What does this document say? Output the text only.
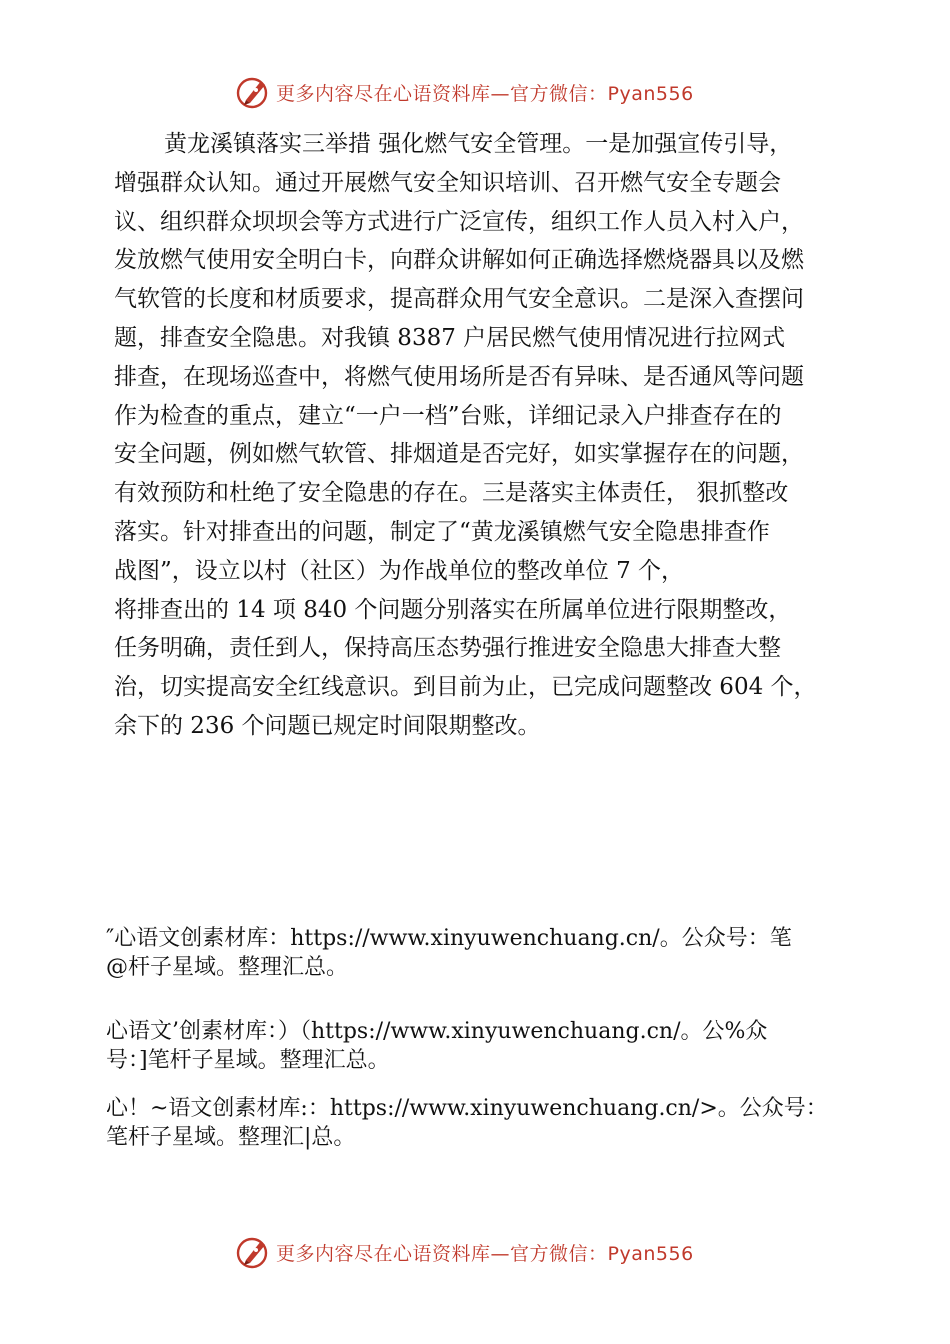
更多内容尽在心语资料库—官方微信：Pyan556
黄龙溪镇落实三举措 强化燃气安全管理。一是加强宣传引导，
增强群众认知。通过开展燃气安全知识培训、召开燃气安全专题会
议、组织群众坝坝会等方式进行广泛宣传，组织工作人员入村入户，
发放燃气使用安全明白卡，向群众讲解如何正确选择燃烧器具以及燃
气软管的长度和材质要求，提高群众用气安全意识。二是深入查摆问
题，排查安全隐患。对我镇 8387 户居民燃气使用情况进行拉网式
排查，在现场巡查中，将燃气使用场所是否有异味、是否通风等问题
作为检查的重点，建立“一户一档”台账，详细记录入户排查存在的
安全问题，例如燃气软管、排烟道是否完好，如实掌握存在的问题，
有效预防和杜绝了安全隐患的存在。三是落实主体责任， 狠抓整改
落实。针对排查出的问题，制定了“黄龙溪镇燃气安全隐患排查作
战图”，设立以村（社区）为作战单位的整改单位 7 个，
将排查出的 14 项 840 个问题分别落实在所属单位进行限期整改，
任务明确，责任到人，保持高压态势强行推进安全隐患大排查大整
治，切实提高安全红线意识。到目前为止，已完成问题整改 604 个，
余下的 236 个问题已规定时间限期整改。
″心语文创素材库：https://www.xinyuwenchuang.cn/。公众号：笔
@杆子星域。整理汇总。
心语文’创素材库：）（https://www.xinyuwenchuang.cn/。公%众
号：]笔杆子星域。整理汇总。
心！~语文创素材库:：https://www.xinyuwenchuang.cn/>。公众号：
笔杆子星域。整理汇|总。
更多内容尽在心语资料库—官方微信：Pyan556
